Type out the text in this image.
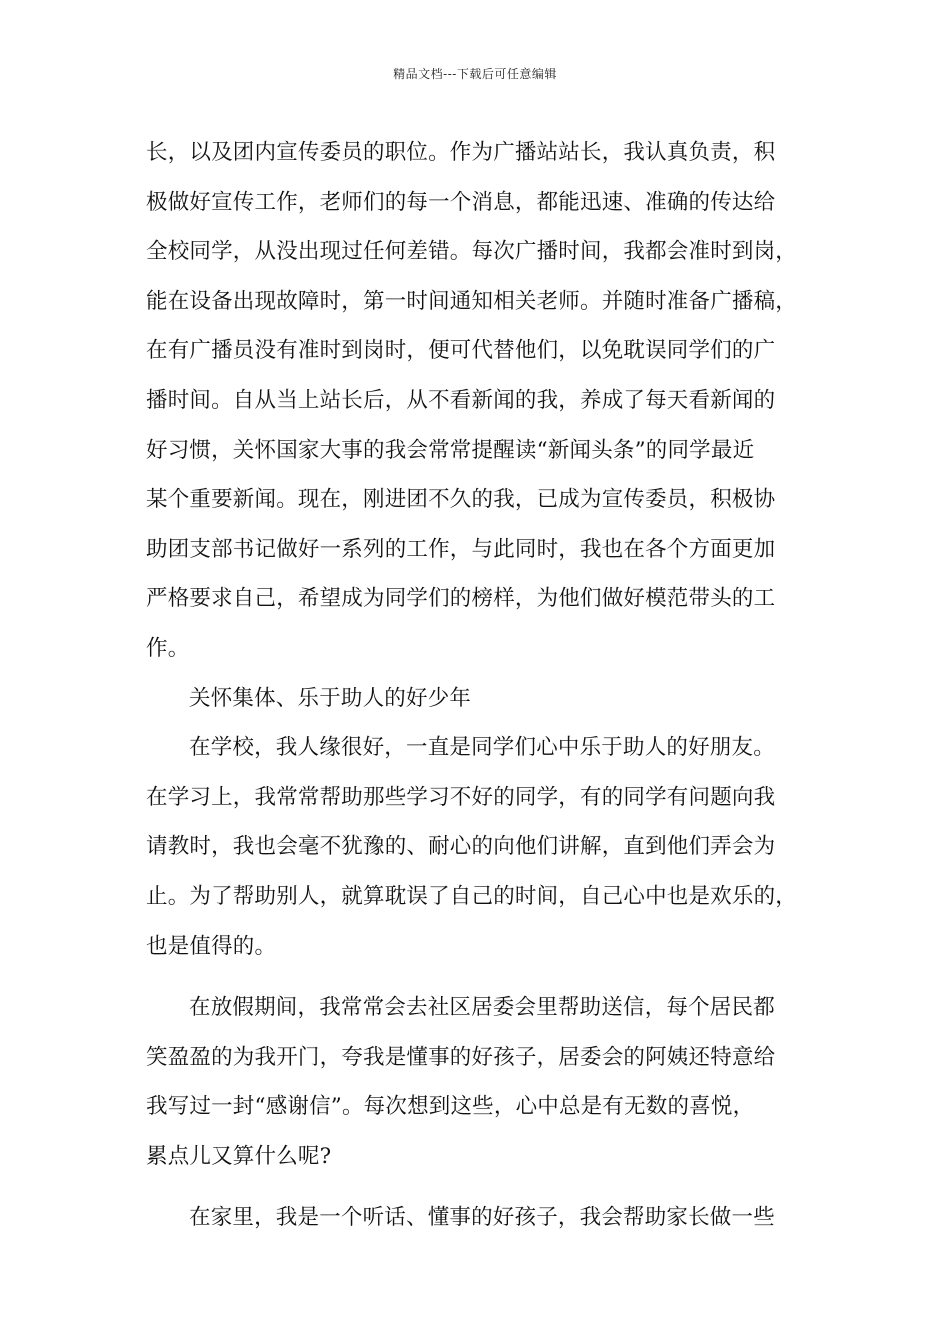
精品文档---下载后可任意编辑
长，以及团内宣传委员的职位。作为广播站站长，我认真负责，积
极做好宣传工作，老师们的每一个消息，都能迅速、准确的传达给
全校同学，从没出现过任何差错。每次广播时间，我都会准时到岗，
能在设备出现故障时，第一时间通知相关老师。并随时准备广播稿，
在有广播员没有准时到岗时，便可代替他们，以免耽误同学们的广
播时间。自从当上站长后，从不看新闻的我，养成了每天看新闻的
好习惯，关怀国家大事的我会常常提醒读“新闻头条”的同学最近
某个重要新闻。现在，刚进团不久的我，已成为宣传委员，积极协
助团支部书记做好一系列的工作，与此同时，我也在各个方面更加
严格要求自己，希望成为同学们的榜样，为他们做好模范带头的工
作。
关怀集体、乐于助人的好少年
在学校，我人缘很好，一直是同学们心中乐于助人的好朋友。
在学习上，我常常帮助那些学习不好的同学，有的同学有问题向我
请教时，我也会毫不犹豫的、耐心的向他们讲解，直到他们弄会为
止。为了帮助别人，就算耽误了自己的时间，自己心中也是欢乐的，
也是值得的。
在放假期间，我常常会去社区居委会里帮助送信，每个居民都
笑盈盈的为我开门，夸我是懂事的好孩子，居委会的阿姨还特意给
我写过一封“感谢信”。每次想到这些，心中总是有无数的喜悦，
累点儿又算什么呢?
在家里，我是一个听话、懂事的好孩子，我会帮助家长做一些
